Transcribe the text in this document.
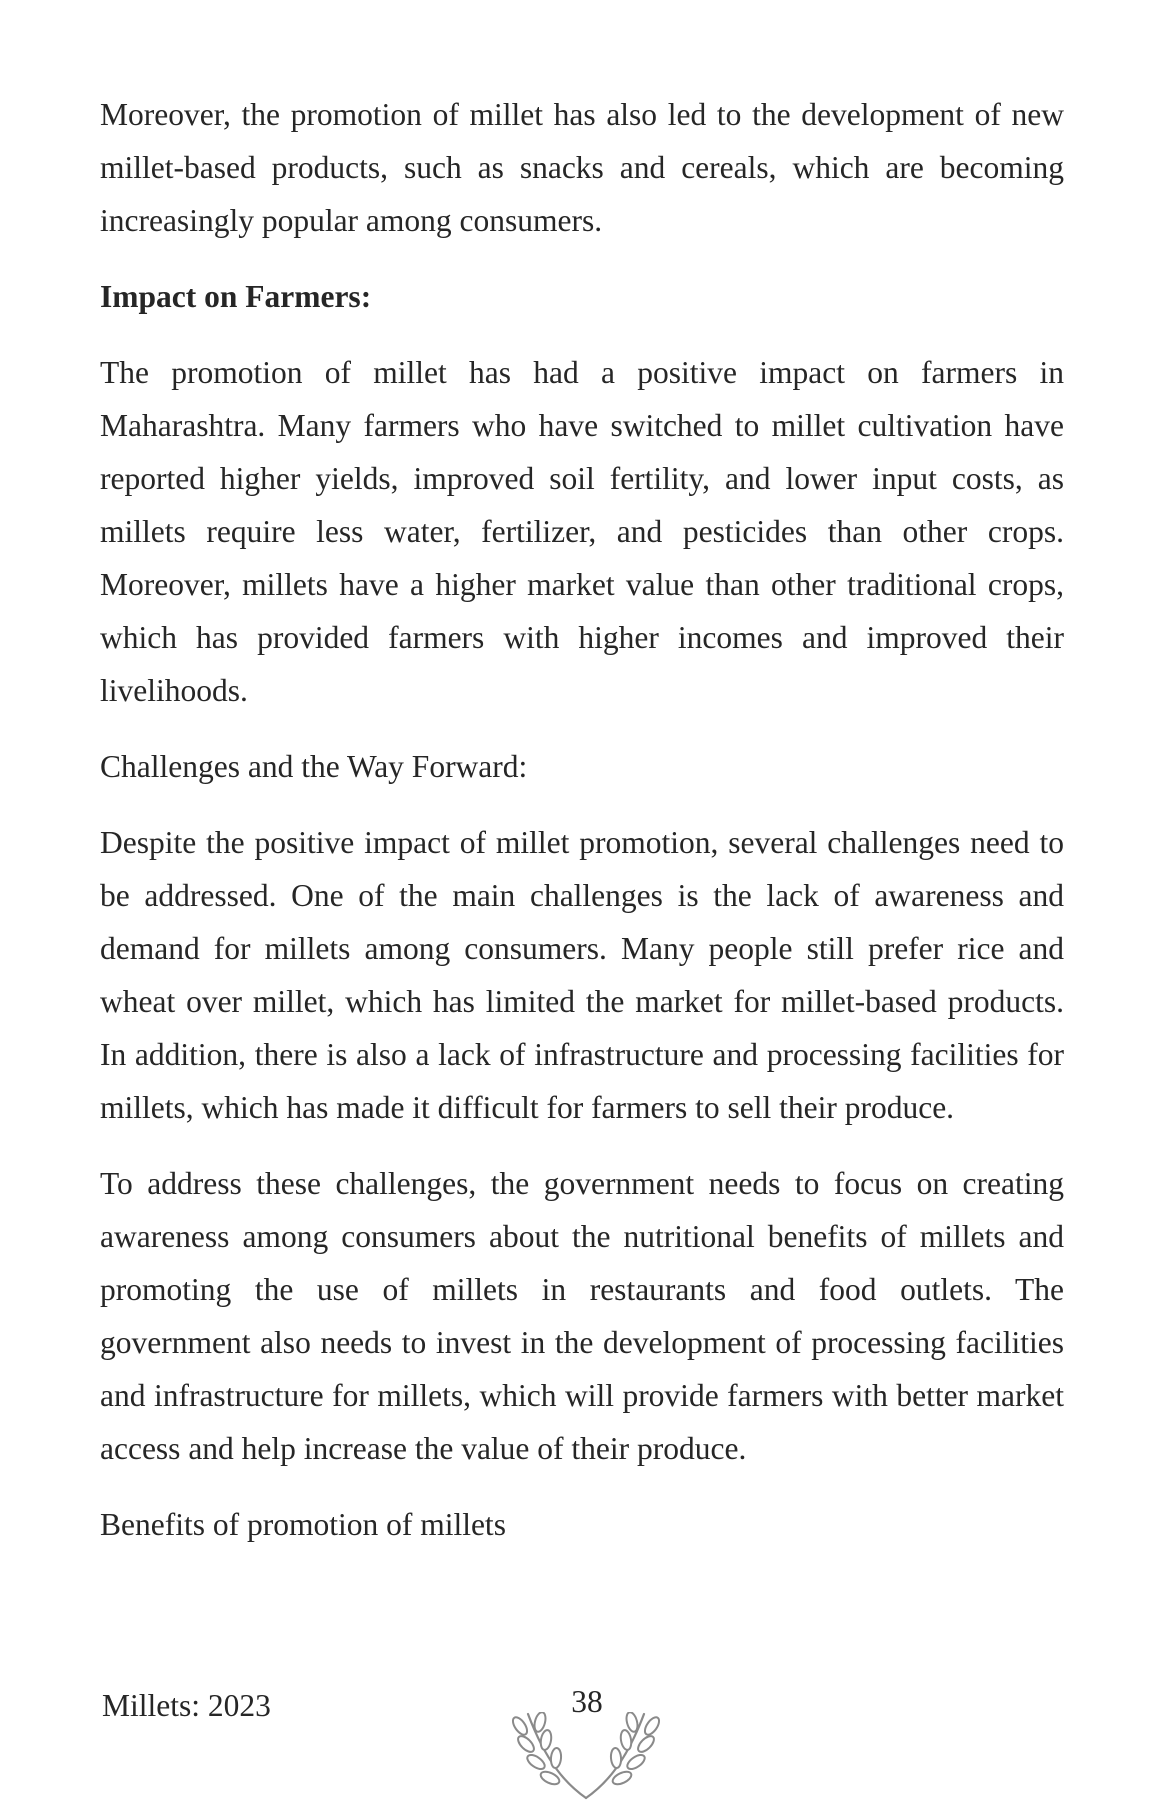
Moreover, the promotion of millet has also led to the development of new millet-based products, such as snacks and cereals, which are becoming increasingly popular among consumers.

Impact on Farmers:

The promotion of millet has had a positive impact on farmers in Maharashtra. Many farmers who have switched to millet cultivation have reported higher yields, improved soil fertility, and lower input costs, as millets require less water, fertilizer, and pesticides than other crops. Moreover, millets have a higher market value than other traditional crops, which has provided farmers with higher incomes and improved their livelihoods.

Challenges and the Way Forward:

Despite the positive impact of millet promotion, several challenges need to be addressed. One of the main challenges is the lack of awareness and demand for millets among consumers. Many people still prefer rice and wheat over millet, which has limited the market for millet-based products. In addition, there is also a lack of infrastructure and processing facilities for millets, which has made it difficult for farmers to sell their produce.

To address these challenges, the government needs to focus on creating awareness among consumers about the nutritional benefits of millets and promoting the use of millets in restaurants and food outlets. The government also needs to invest in the development of processing facilities and infrastructure for millets, which will provide farmers with better market access and help increase the value of their produce.

Benefits of promotion of millets
Millets: 2023	38
